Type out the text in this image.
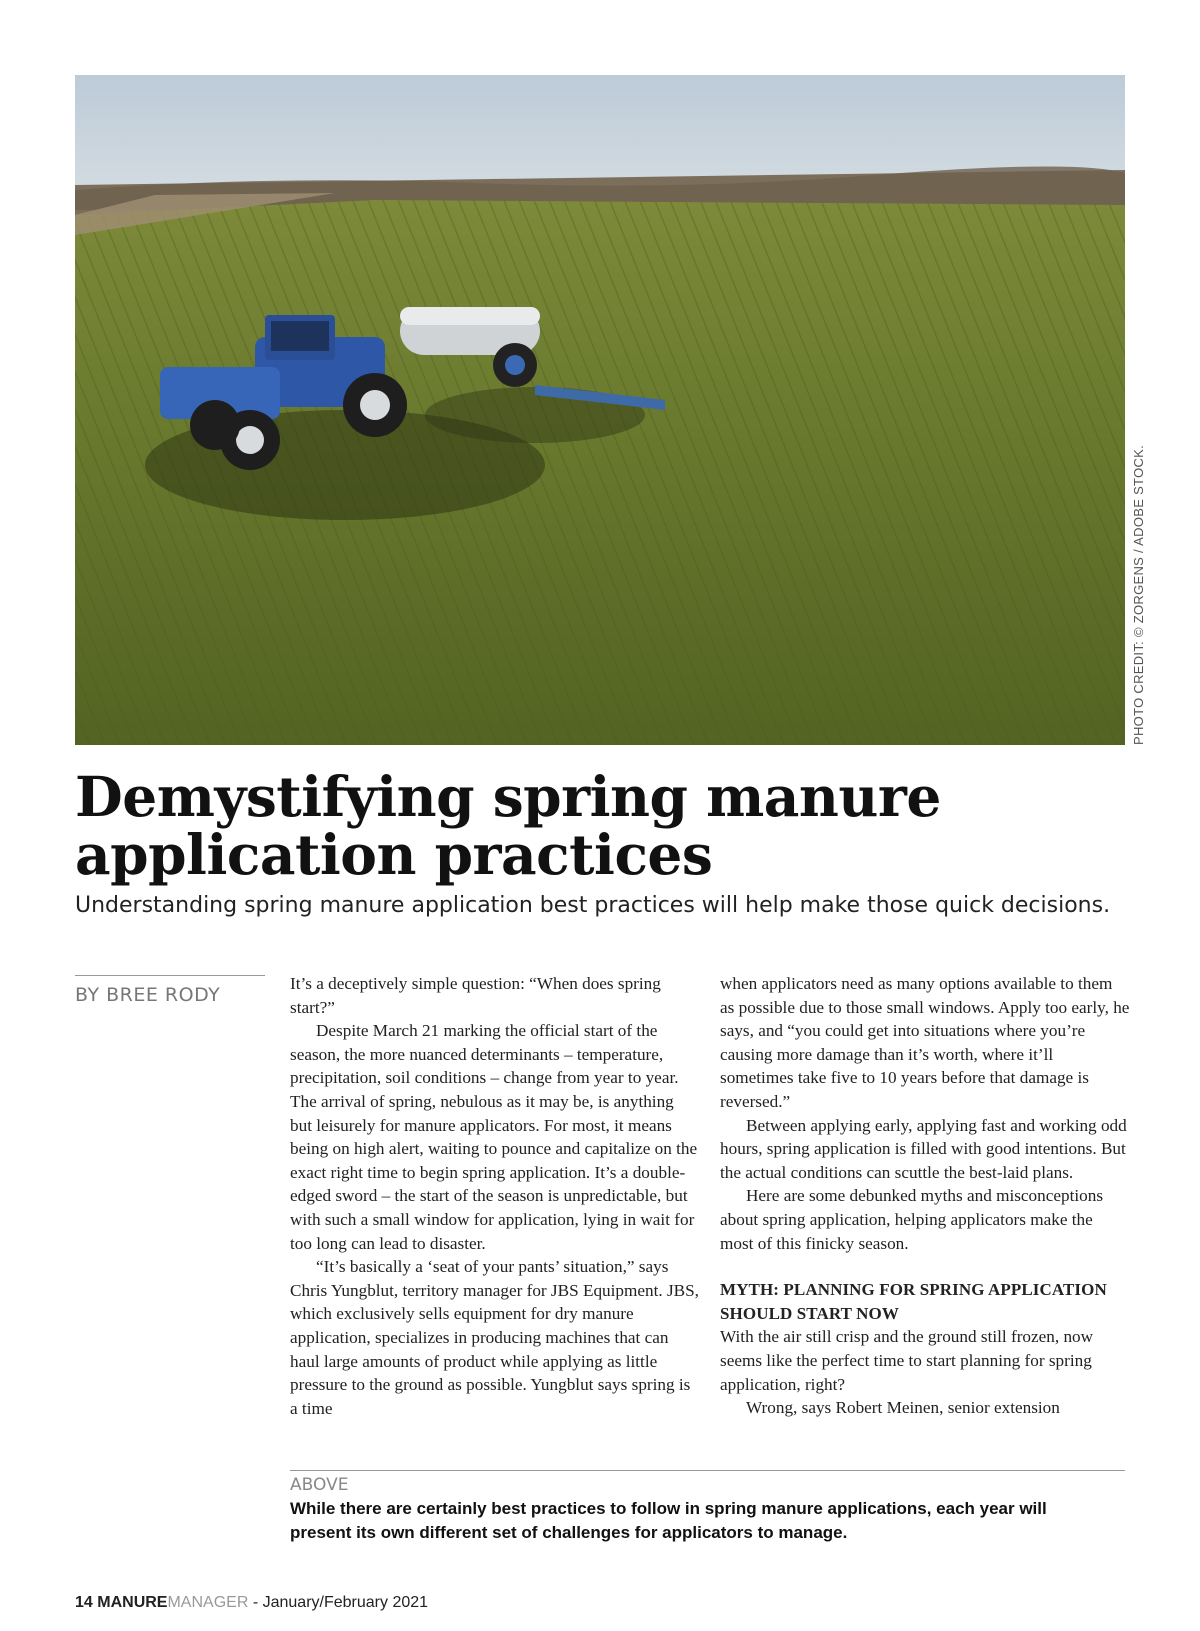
PHOTO CREDIT: © ZORGENS / ADOBE STOCK.
Demystifying spring manure
application practices
Understanding spring manure application best practices will help make those quick decisions.
BY BREE RODY

It’s a deceptively simple question: “When does spring start?”

Despite March 21 marking the official start of the season, the more nuanced determinants – temperature, precipitation, soil conditions – change from year to year. The arrival of spring, nebulous as it may be, is anything but leisurely for manure applicators. For most, it means being on high alert, waiting to pounce and capitalize on the exact right time to begin spring application. It’s a double-edged sword – the start of the season is unpredictable, but with such a small window for application, lying in wait for too long can lead to disaster.

“It’s basically a ‘seat of your pants’ situation,” says Chris Yungblut, territory manager for JBS Equipment. JBS, which exclusively sells equipment for dry manure application, specializes in producing machines that can haul large amounts of product while applying as little pressure to the ground as possible. Yungblut says spring is a time

when applicators need as many options available to them as possible due to those small windows. Apply too early, he says, and “you could get into situations where you’re causing more damage than it’s worth, where it’ll sometimes take five to 10 years before that damage is reversed.”

Between applying early, applying fast and working odd hours, spring application is filled with good intentions. But the actual conditions can scuttle the best-laid plans.

Here are some debunked myths and misconceptions about spring application, helping applicators make the most of this finicky season.

MYTH: PLANNING FOR SPRING APPLICATION SHOULD START NOW

With the air still crisp and the ground still frozen, now seems like the perfect time to start planning for spring application, right?

Wrong, says Robert Meinen, senior extension

ABOVE
While there are certainly best practices to follow in spring manure applications, each year will present its own different set of challenges for applicators to manage.
14 MANUREMANAGER - January/February 2021
